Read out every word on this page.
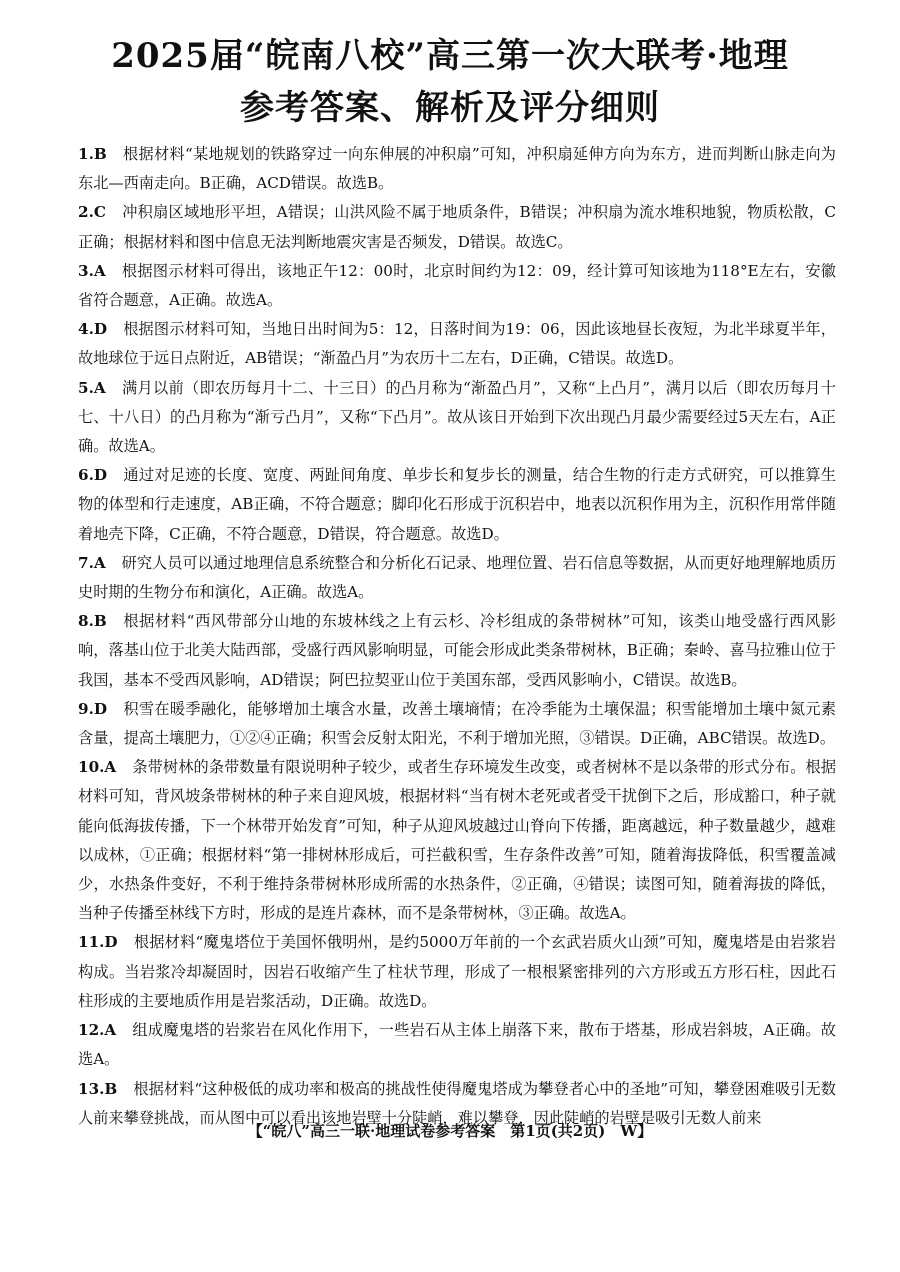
2025届“皖南八校”高三第一次大联考·地理
参考答案、解析及评分细则

1.B 根据材料“某地规划的铁路穿过一向东伸展的冲积扇”可知，冲积扇延伸方向为东方，进而判断山脉走向为东北—西南走向。B正确，ACD错误。故选B。

2.C 冲积扇区域地形平坦，A错误；山洪风险不属于地质条件，B错误；冲积扇为流水堆积地貌，物质松散，C正确；根据材料和图中信息无法判断地震灾害是否频发，D错误。故选C。

3.A 根据图示材料可得出，该地正午12：00时，北京时间约为12：09，经计算可知该地为118°E左右，安徽省符合题意，A正确。故选A。

4.D 根据图示材料可知，当地日出时间为5：12，日落时间为19：06，因此该地昼长夜短，为北半球夏半年，故地球位于远日点附近，AB错误；“渐盈凸月”为农历十二左右，D正确，C错误。故选D。

5.A 满月以前（即农历每月十二、十三日）的凸月称为“渐盈凸月”，又称“上凸月”，满月以后（即农历每月十七、十八日）的凸月称为“渐亏凸月”，又称“下凸月”。故从该日开始到下次出现凸月最少需要经过5天左右，A正确。故选A。

6.D 通过对足迹的长度、宽度、两趾间角度、单步长和复步长的测量，结合生物的行走方式研究，可以推算生物的体型和行走速度，AB正确，不符合题意；脚印化石形成于沉积岩中，地表以沉积作用为主，沉积作用常伴随着地壳下降，C正确，不符合题意，D错误，符合题意。故选D。

7.A 研究人员可以通过地理信息系统整合和分析化石记录、地理位置、岩石信息等数据，从而更好地理解地质历史时期的生物分布和演化，A正确。故选A。

8.B 根据材料“西风带部分山地的东坡林线之上有云杉、冷杉组成的条带树林”可知，该类山地受盛行西风影响，落基山位于北美大陆西部，受盛行西风影响明显，可能会形成此类条带树林，B正确；秦岭、喜马拉雅山位于我国，基本不受西风影响，AD错误；阿巴拉契亚山位于美国东部，受西风影响小，C错误。故选B。

9.D 积雪在暖季融化，能够增加土壤含水量，改善土壤墒情；在冷季能为土壤保温；积雪能增加土壤中氮元素含量，提高土壤肥力，①②④正确；积雪会反射太阳光，不利于增加光照，③错误。D正确，ABC错误。故选D。

10.A 条带树林的条带数量有限说明种子较少，或者生存环境发生改变，或者树林不是以条带的形式分布。根据材料可知，背风坡条带树林的种子来自迎风坡，根据材料“当有树木老死或者受干扰倒下之后，形成豁口，种子就能向低海拔传播，下一个林带开始发育”可知，种子从迎风坡越过山脊向下传播，距离越远，种子数量越少，越难以成林，①正确；根据材料“第一排树林形成后，可拦截积雪，生存条件改善”可知，随着海拔降低，积雪覆盖减少，水热条件变好，不利于维持条带树林形成所需的水热条件，②正确，④错误；读图可知，随着海拔的降低，当种子传播至林线下方时，形成的是连片森林，而不是条带树林，③正确。故选A。

11.D 根据材料“魔鬼塔位于美国怀俄明州，是约5000万年前的一个玄武岩质火山颈”可知，魔鬼塔是由岩浆岩构成。当岩浆冷却凝固时，因岩石收缩产生了柱状节理，形成了一根根紧密排列的六方形或五方形石柱，因此石柱形成的主要地质作用是岩浆活动，D正确。故选D。

12.A 组成魔鬼塔的岩浆岩在风化作用下，一些岩石从主体上崩落下来，散布于塔基，形成岩斜坡，A正确。故选A。

13.B 根据材料“这种极低的成功率和极高的挑战性使得魔鬼塔成为攀登者心中的圣地”可知，攀登困难吸引无数人前来攀登挑战，而从图中可以看出该地岩壁十分陡峭，难以攀登，因此陡峭的岩壁是吸引无数人前来

【“皖八”高三一联·地理试卷参考答案　第1页(共2页)　W】
